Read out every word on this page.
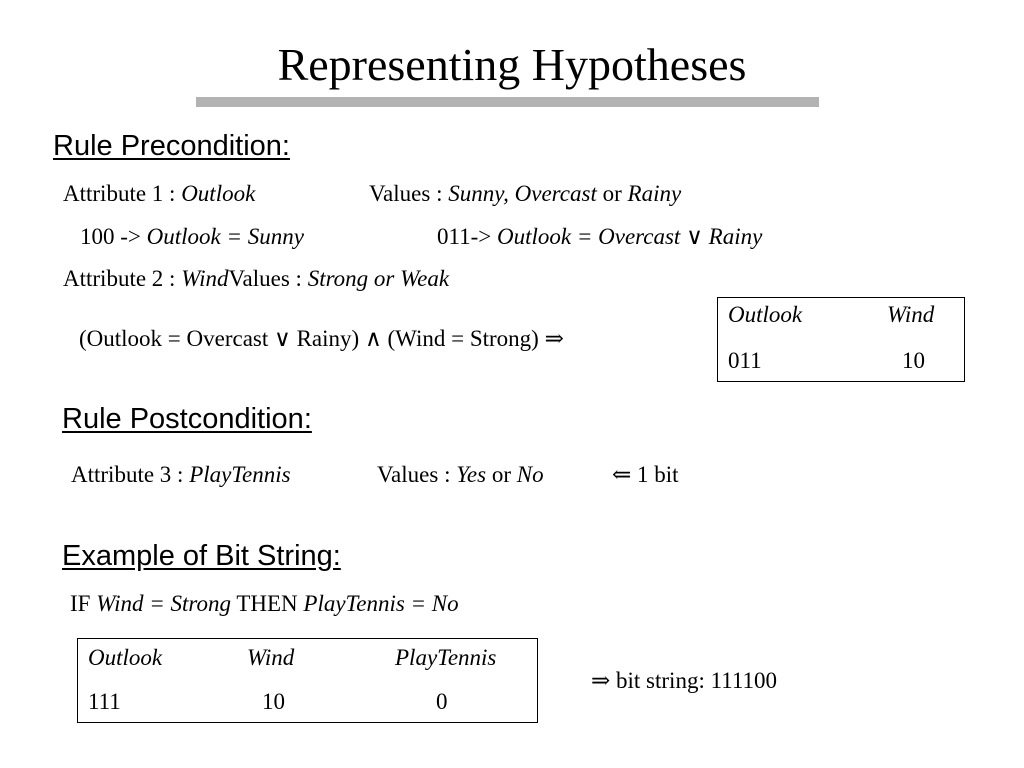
Representing Hypotheses
Rule Precondition:
Attribute 1 : Outlook	Values : Sunny, Overcast or Rainy
100 -> Outlook = Sunny	011-> Outlook = Overcast ∨ Rainy
Attribute 2 : WindValues : Strong or Weak
(Outlook = Overcast ∨ Rainy) ∧ (Wind = Strong) ⇒
Outlook	Wind
011	10
Rule Postcondition:
Attribute 3 : PlayTennis	Values : Yes or No	⇐ 1 bit
Example of Bit String:
IF Wind = Strong THEN PlayTennis = No
Outlook	Wind	PlayTennis
111	10	0
⇒ bit string: 111100
